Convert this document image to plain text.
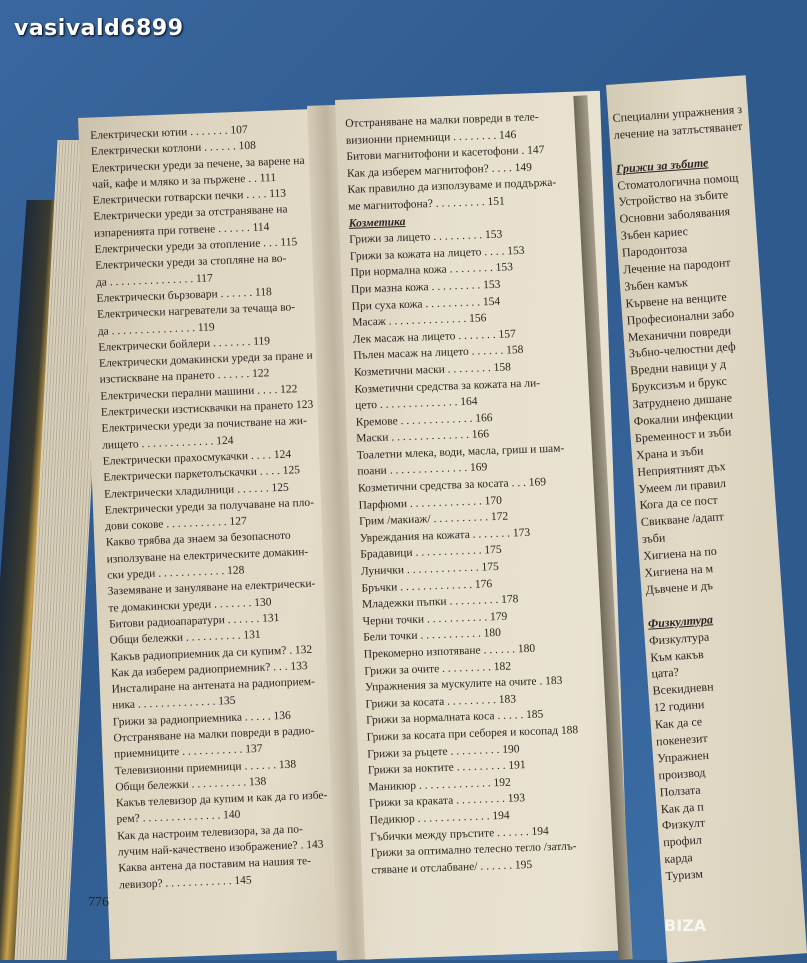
vasivald6899
Електрически ютии . . . . . . . 107
Електрически котлони . . . . . . 108
Електрически уреди за печене, за варене на
чай, кафе и мляко и за пържене . . 111
Електрически готварски печки . . . . 113
Електрически уреди за отстраняване на
изпаренията при готвене . . . . . . 114
Електрически уреди за отопление . . . 115
Електрически уреди за стопляне на во-
да . . . . . . . . . . . . . . . 117
Електрически бързовари . . . . . . 118
Електрически нагреватели за течаща во-
да . . . . . . . . . . . . . . . 119
Електрически бойлери . . . . . . . 119
Електрически домакински уреди за пране и
изстискване на прането . . . . . . 122
Електрически перални машини . . . . 122
Електрически изстисквачки на прането 123
Електрически уреди за почистване на жи-
лището . . . . . . . . . . . . . 124
Електрически прахосмукачки . . . . 124
Електрически паркетолъскачки . . . . 125
Електрически хладилници . . . . . . 125
Електрически уреди за получаване на пло-
дови сокове . . . . . . . . . . . 127
Какво трябва да знаем за безопасното
използуване на електрическите домакин-
ски уреди . . . . . . . . . . . . 128
Заземяване и зануляване на електрически-
те домакински уреди . . . . . . . 130
Битови радиоапаратури . . . . . . 131
Общи бележки . . . . . . . . . . 131
Какъв радиоприемник да си купим? . 132
Как да изберем радиоприемник? . . . 133
Инсталиране на антената на радиоприем-
ника . . . . . . . . . . . . . . 135
Грижи за радиоприемника . . . . . 136
Отстраняване на малки повреди в радио-
приемниците . . . . . . . . . . . 137
Телевизионни приемници . . . . . . 138
Общи бележки . . . . . . . . . . 138
Какъв телевизор да купим и как да го избе-
рем? . . . . . . . . . . . . . . 140
Как да настроим телевизора, за да по-
лучим най-качествено изображение? . 143
Каква антена да поставим на нашия те-
левизор? . . . . . . . . . . . . 145
Отстраняване на малки повреди в теле-
визионни приемници . . . . . . . . 146
Битови магнитофони и касетофони . 147
Как да изберем магнитофон? . . . . 149
Как правилно да използуваме и поддържа-
ме магнитофона? . . . . . . . . . 151
Козметика
Грижи за лицето . . . . . . . . . 153
Грижи за кожата на лицето . . . . 153
При нормална кожа . . . . . . . . 153
При мазна кожа . . . . . . . . . 153
При суха кожа . . . . . . . . . . 154
Масаж . . . . . . . . . . . . . . 156
Лек масаж на лицето . . . . . . . 157
Пълен масаж на лицето . . . . . . 158
Козметични маски . . . . . . . . 158
Козметични средства за кожата на ли-
цето . . . . . . . . . . . . . . 164
Кремове . . . . . . . . . . . . . 166
Маски . . . . . . . . . . . . . . 166
Тоалетни млека, води, масла, гриш и шам-
поани . . . . . . . . . . . . . . 169
Козметични средства за косата . . . 169
Парфюми . . . . . . . . . . . . . 170
Грим /макиаж/ . . . . . . . . . . 172
Увреждания на кожата . . . . . . . 173
Брадавици . . . . . . . . . . . . 175
Лунички . . . . . . . . . . . . . 175
Бръчки . . . . . . . . . . . . . 176
Младежки пъпки . . . . . . . . . 178
Черни точки . . . . . . . . . . . 179
Бели точки . . . . . . . . . . . 180
Прекомерно изпотяване . . . . . . 180
Грижи за очите . . . . . . . . . 182
Упражнения за мускулите на очите . 183
Грижи за косата . . . . . . . . . 183
Грижи за нормалната коса . . . . . 185
Грижи за косата при себорея и косопад 188
Грижи за ръцете . . . . . . . . . 190
Грижи за ноктите . . . . . . . . . 191
Маникюр . . . . . . . . . . . . . 192
Грижи за краката . . . . . . . . . 193
Педикюр . . . . . . . . . . . . . 194
Гъбички между пръстите . . . . . . 194
Грижи за оптимално телесно тегло /затлъ-
стяване и отслабване/ . . . . . . 195
Специални упражнения з
лечение на затлъстяванет
Грижи за зъбите
Стоматологична помощ
Устройство на зъбите
Основни заболявания
Зъбен кариес
Пародонтоза
Лечение на пародонт
Зъбен камък
Кървене на венците
Професионални забо
Механични повреди
Зъбно-челюстни деф
Вредни навици у д
Бруксизъм и брукс
Затруднено дишане
Фокални инфекции
Бременност и зъби
Храна и зъби
Неприятният дъх
Умеем ли правил
Кога да се пост
Свикване /адапт
зъби
Хигиена на по
Хигиена на м
Дъвчене и дъ
Физкултура
Физкултура
Към какъв
цата?
Всекидневн
12 години
Как да се
покенезит
Упражнен
производ
Ползата
Как да п
Физкулт
профил
карда
Туризм
776
BIZA
